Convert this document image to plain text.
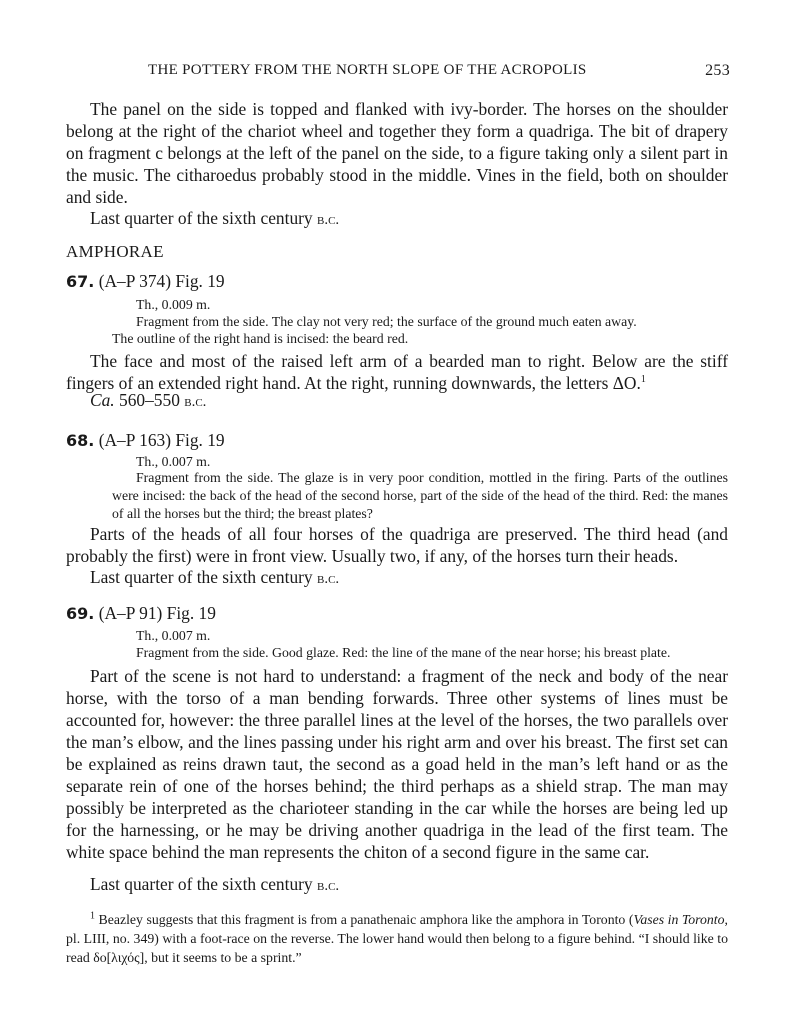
THE POTTERY FROM THE NORTH SLOPE OF THE ACROPOLIS	253
The panel on the side is topped and flanked with ivy-border. The horses on the shoulder belong at the right of the chariot wheel and together they form a quadriga. The bit of drapery on fragment c belongs at the left of the panel on the side, to a figure taking only a silent part in the music. The citharoedus probably stood in the middle. Vines in the field, both on shoulder and side.
Last quarter of the sixth century b.c.
AMPHORAE
67. (A–P 374) Fig. 19
Th., 0.009 m.
Fragment from the side. The clay not very red; the surface of the ground much eaten away.
The outline of the right hand is incised: the beard red.
The face and most of the raised left arm of a bearded man to right. Below are the stiff fingers of an extended right hand. At the right, running downwards, the letters ΔO.$^1$
Ca. 560–550 b.c.
68. (A–P 163) Fig. 19
Th., 0.007 m.
Fragment from the side. The glaze is in very poor condition, mottled in the firing. Parts of the outlines were incised: the back of the head of the second horse, part of the side of the head of the third. Red: the manes of all the horses but the third; the breast plates?
Parts of the heads of all four horses of the quadriga are preserved. The third head (and probably the first) were in front view. Usually two, if any, of the horses turn their heads.
Last quarter of the sixth century b.c.
69. (A–P 91) Fig. 19
Th., 0.007 m.
Fragment from the side. Good glaze. Red: the line of the mane of the near horse; his breast plate.
Part of the scene is not hard to understand: a fragment of the neck and body of the near horse, with the torso of a man bending forwards. Three other systems of lines must be accounted for, however: the three parallel lines at the level of the horses, the two parallels over the man’s elbow, and the lines passing under his right arm and over his breast. The first set can be explained as reins drawn taut, the second as a goad held in the man’s left hand or as the separate rein of one of the horses behind; the third perhaps as a shield strap. The man may possibly be interpreted as the charioteer standing in the car while the horses are being led up for the harnessing, or he may be driving another quadriga in the lead of the first team. The white space behind the man represents the chiton of a second figure in the same car.
Last quarter of the sixth century b.c.
$^1$ Beazley suggests that this fragment is from a panathenaic amphora like the amphora in Toronto (Vases in Toronto, pl. LIII, no. 349) with a foot-race on the reverse. The lower hand would then belong to a figure behind. “I should like to read δο[λιχός], but it seems to be a sprint.”
